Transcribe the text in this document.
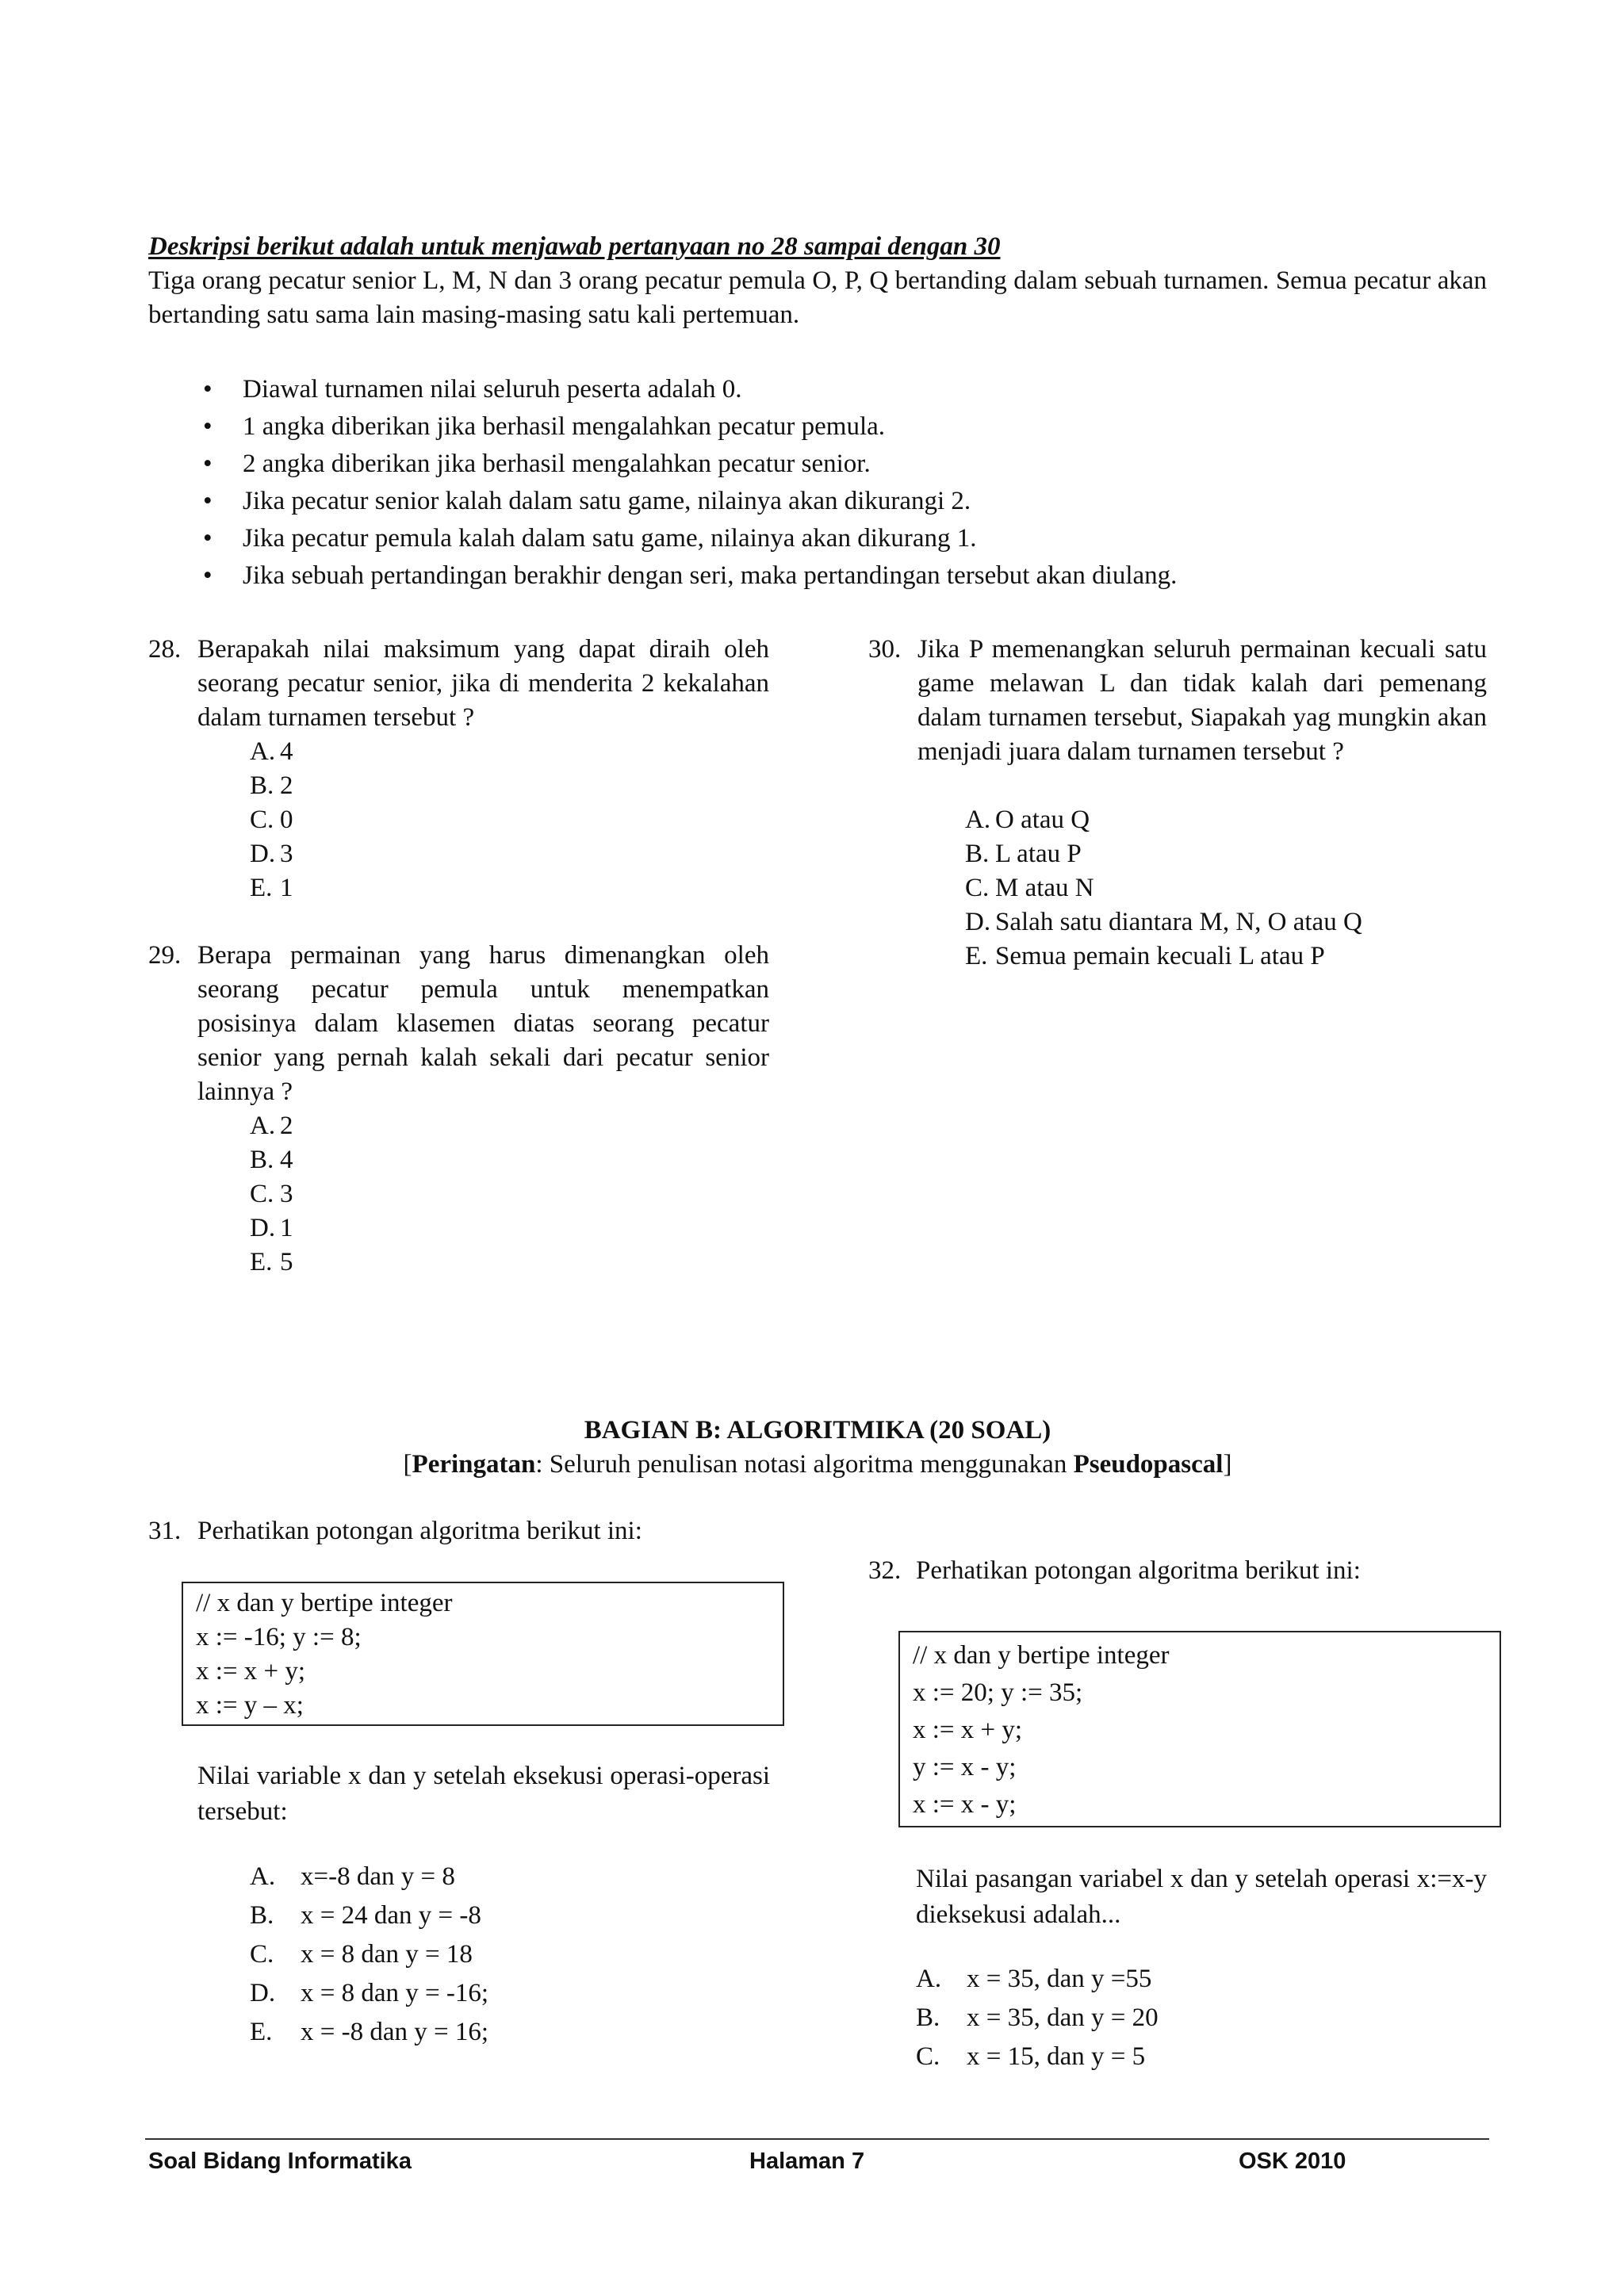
Deskripsi berikut adalah untuk menjawab pertanyaan no 28 sampai dengan 30
Tiga orang pecatur senior L, M, N dan 3 orang pecatur pemula O, P, Q bertanding dalam sebuah turnamen. Semua pecatur akan bertanding satu sama lain masing-masing satu kali pertemuan.
• Diawal turnamen nilai seluruh peserta adalah 0.
• 1 angka diberikan jika berhasil mengalahkan pecatur pemula.
• 2 angka diberikan jika berhasil mengalahkan pecatur senior.
• Jika pecatur senior kalah dalam satu game, nilainya akan dikurangi 2.
• Jika pecatur pemula kalah dalam satu game, nilainya akan dikurang 1.
• Jika sebuah pertandingan berakhir dengan seri, maka pertandingan tersebut akan diulang.
28. Berapakah nilai maksimum yang dapat diraih oleh seorang pecatur senior, jika di menderita 2 kekalahan dalam turnamen tersebut ?
A. 4
B. 2
C. 0
D. 3
E. 1
29. Berapa permainan yang harus dimenangkan oleh seorang pecatur pemula untuk menempatkan posisinya dalam klasemen diatas seorang pecatur senior yang pernah kalah sekali dari pecatur senior lainnya ?
A. 2
B. 4
C. 3
D. 1
E. 5
30. Jika P memenangkan seluruh permainan kecuali satu game melawan L dan tidak kalah dari pemenang dalam turnamen tersebut, Siapakah yag mungkin akan menjadi juara dalam turnamen tersebut ?
A. O atau Q
B. L atau P
C. M atau N
D. Salah satu diantara M, N, O atau Q
E. Semua pemain kecuali L atau P
BAGIAN B: ALGORITMIKA (20 SOAL)
[Peringatan: Seluruh penulisan notasi algoritma menggunakan Pseudopascal]
31. Perhatikan potongan algoritma berikut ini:
// x dan y bertipe integer
x := -16; y := 8;
x := x + y;
x := y – x;
Nilai variable x dan y setelah eksekusi operasi-operasi tersebut:
A. x=-8 dan y = 8
B. x = 24 dan y = -8
C. x = 8 dan y = 18
D. x = 8 dan y = -16;
E. x = -8 dan y = 16;
32. Perhatikan potongan algoritma berikut ini:
// x dan y bertipe integer
x := 20; y := 35;
x := x + y;
y := x - y;
x := x - y;
Nilai pasangan variabel x dan y setelah operasi x:=x-y dieksekusi adalah...
A. x = 35, dan y =55
B. x = 35, dan y = 20
C. x = 15, dan y = 5
Soal Bidang Informatika	Halaman 7	OSK 2010
